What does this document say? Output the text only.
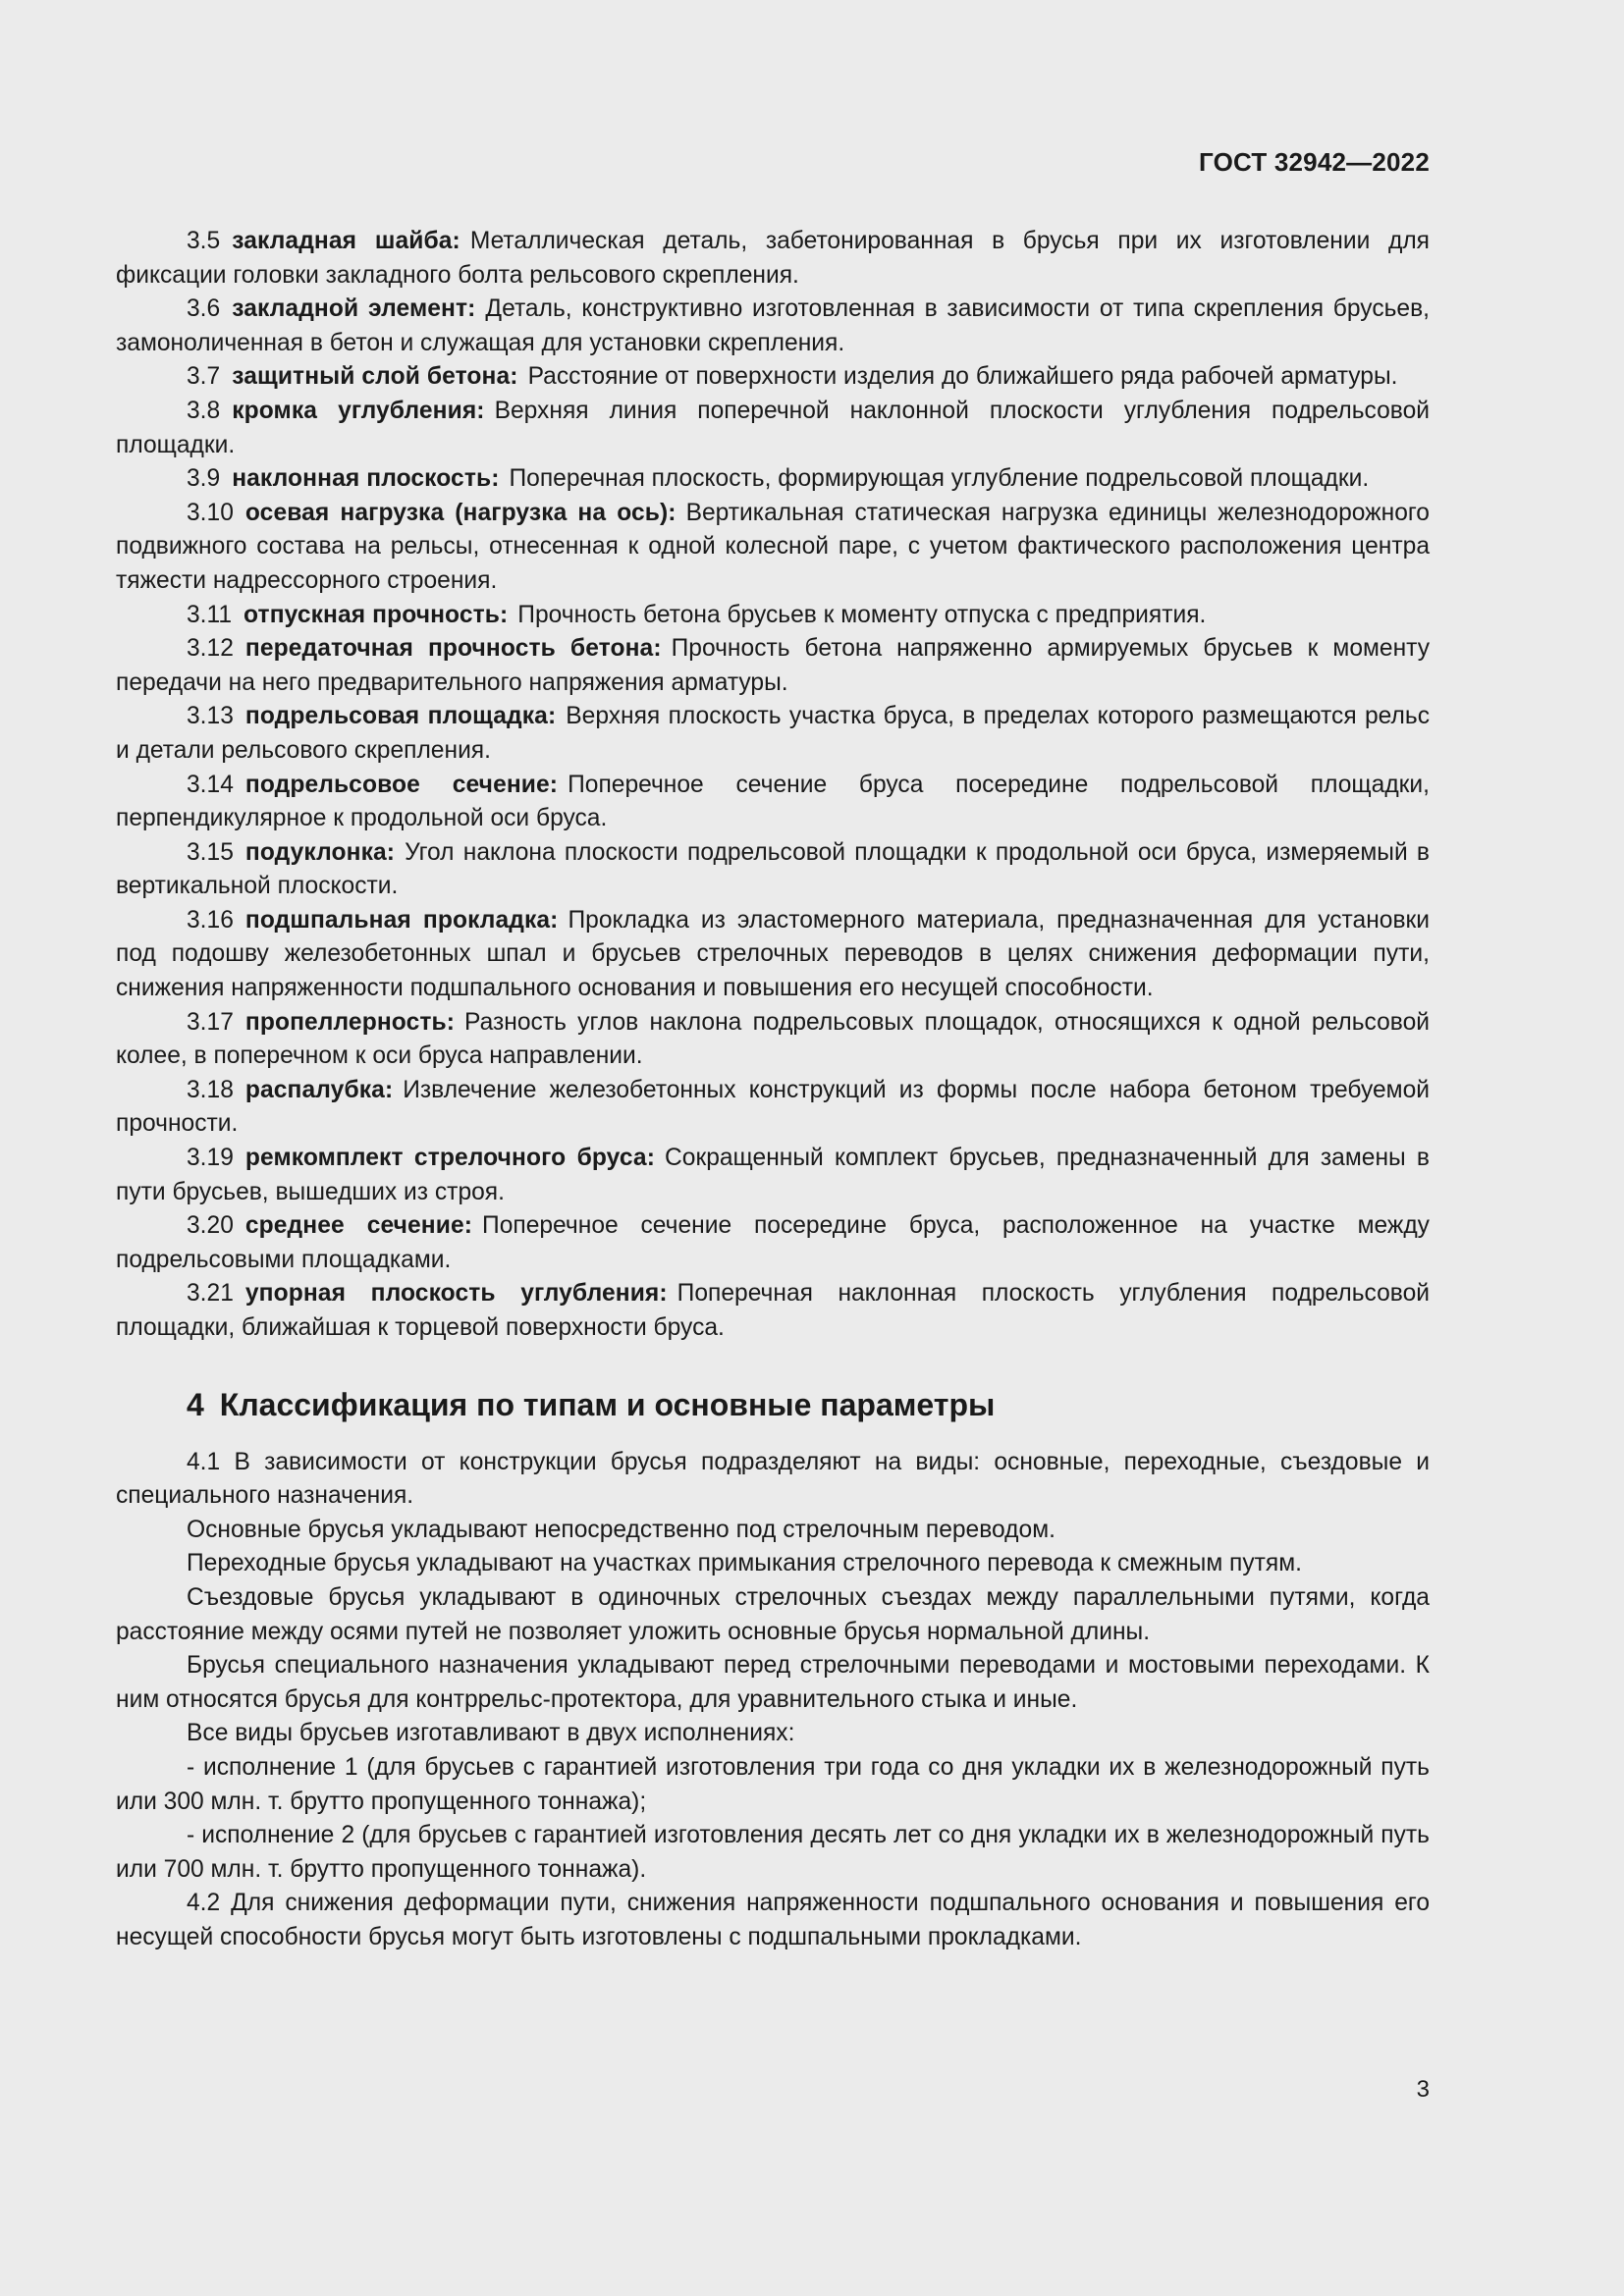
ГОСТ 32942—2022

3.5 закладная шайба: Металлическая деталь, забетонированная в брусья при их изготовлении для фиксации головки закладного болта рельсового скрепления.

3.6 закладной элемент: Деталь, конструктивно изготовленная в зависимости от типа скрепления брусьев, замоноличенная в бетон и служащая для установки скрепления.

3.7 защитный слой бетона: Расстояние от поверхности изделия до ближайшего ряда рабочей арматуры.

3.8 кромка углубления: Верхняя линия поперечной наклонной плоскости углубления подрельсовой площадки.

3.9 наклонная плоскость: Поперечная плоскость, формирующая углубление подрельсовой площадки.

3.10 осевая нагрузка (нагрузка на ось): Вертикальная статическая нагрузка единицы железнодорожного подвижного состава на рельсы, отнесенная к одной колесной паре, с учетом фактического расположения центра тяжести надрессорного строения.

3.11 отпускная прочность: Прочность бетона брусьев к моменту отпуска с предприятия.

3.12 передаточная прочность бетона: Прочность бетона напряженно армируемых брусьев к моменту передачи на него предварительного напряжения арматуры.

3.13 подрельсовая площадка: Верхняя плоскость участка бруса, в пределах которого размещаются рельс и детали рельсового скрепления.

3.14 подрельсовое сечение: Поперечное сечение бруса посередине подрельсовой площадки, перпендикулярное к продольной оси бруса.

3.15 подуклонка: Угол наклона плоскости подрельсовой площадки к продольной оси бруса, измеряемый в вертикальной плоскости.

3.16 подшпальная прокладка: Прокладка из эластомерного материала, предназначенная для установки под подошву железобетонных шпал и брусьев стрелочных переводов в целях снижения деформации пути, снижения напряженности подшпального основания и повышения его несущей способности.

3.17 пропеллерность: Разность углов наклона подрельсовых площадок, относящихся к одной рельсовой колее, в поперечном к оси бруса направлении.

3.18 распалубка: Извлечение железобетонных конструкций из формы после набора бетоном требуемой прочности.

3.19 ремкомплект стрелочного бруса: Сокращенный комплект брусьев, предназначенный для замены в пути брусьев, вышедших из строя.

3.20 среднее сечение: Поперечное сечение посередине бруса, расположенное на участке между подрельсовыми площадками.

3.21 упорная плоскость углубления: Поперечная наклонная плоскость углубления подрельсовой площадки, ближайшая к торцевой поверхности бруса.

4 Классификация по типам и основные параметры

4.1 В зависимости от конструкции брусья подразделяют на виды: основные, переходные, съездовые и специального назначения.

Основные брусья укладывают непосредственно под стрелочным переводом.

Переходные брусья укладывают на участках примыкания стрелочного перевода к смежным путям.

Съездовые брусья укладывают в одиночных стрелочных съездах между параллельными путями, когда расстояние между осями путей не позволяет уложить основные брусья нормальной длины.

Брусья специального назначения укладывают перед стрелочными переводами и мостовыми переходами. К ним относятся брусья для контррельс-протектора, для уравнительного стыка и иные.

Все виды брусьев изготавливают в двух исполнениях:

- исполнение 1 (для брусьев с гарантией изготовления три года со дня укладки их в железнодорожный путь или 300 млн. т. брутто пропущенного тоннажа);

- исполнение 2 (для брусьев с гарантией изготовления десять лет со дня укладки их в железнодорожный путь или 700 млн. т. брутто пропущенного тоннажа).

4.2 Для снижения деформации пути, снижения напряженности подшпального основания и повышения его несущей способности брусья могут быть изготовлены с подшпальными прокладками.

3
